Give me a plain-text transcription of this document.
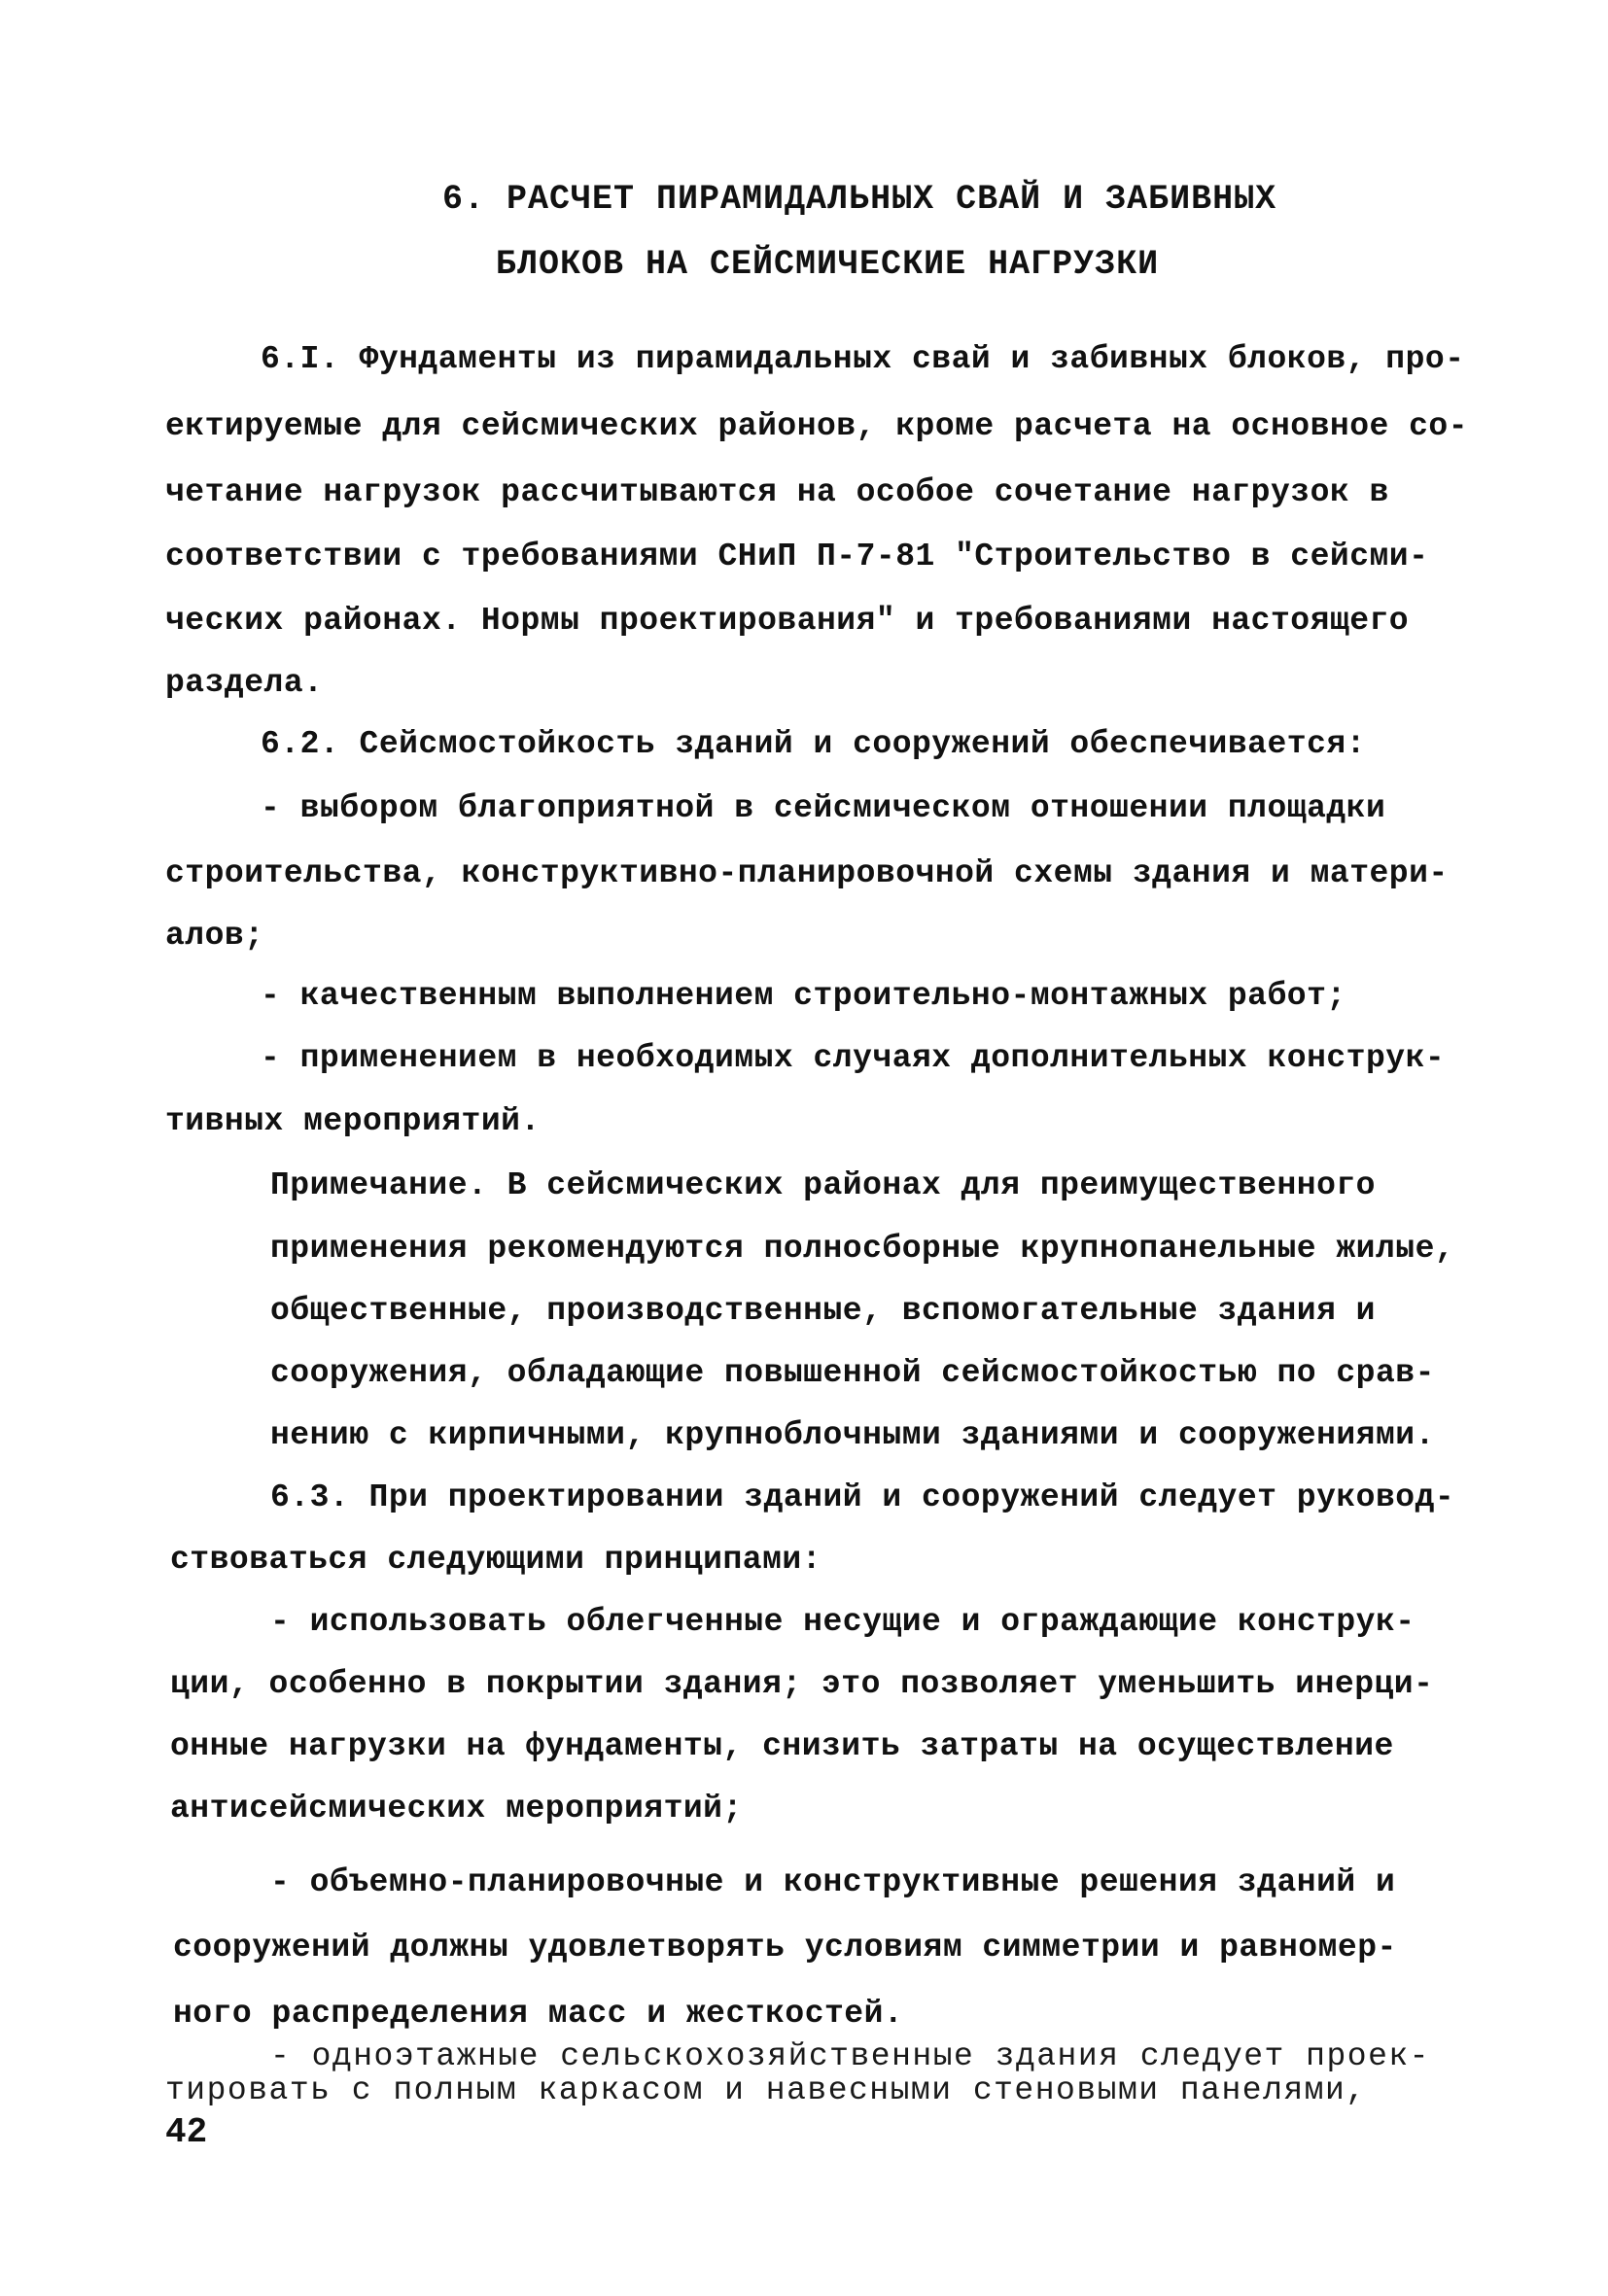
6. РАСЧЕТ ПИРАМИДАЛЬНЫХ СВАЙ И ЗАБИВНЫХ
БЛОКОВ НА СЕЙСМИЧЕСКИЕ НАГРУЗКИ
6.I. Фундаменты из пирамидальных свай и забивных блоков, про-
ектируемые для сейсмических районов, кроме расчета на основное со-
четание нагрузок рассчитываются на особое сочетание нагрузок в
соответствии с требованиями СНиП П-7-81 "Строительство в сейсми-
ческих районах. Нормы проектирования" и требованиями настоящего
раздела.
6.2. Сейсмостойкость зданий и сооружений обеспечивается:
- выбором благоприятной в сейсмическом отношении площадки
строительства, конструктивно-планировочной схемы здания и матери-
алов;
- качественным выполнением строительно-монтажных работ;
- применением в необходимых случаях дополнительных конструк-
тивных мероприятий.
Примечание. В сейсмических районах для преимущественного
применения рекомендуются полносборные крупнопанельные жилые,
общественные, производственные, вспомогательные здания и
сооружения, обладающие повышенной сейсмостойкостью по срав-
нению с кирпичными, крупноблочными зданиями и сооружениями.
6.3. При проектировании зданий и сооружений следует руковод-
ствоваться следующими принципами:
- использовать облегченные несущие и ограждающие конструк-
ции, особенно в покрытии здания; это позволяет уменьшить инерци-
онные нагрузки на фундаменты, снизить затраты на осуществление
антисейсмических мероприятий;
- объемно-планировочные и конструктивные решения зданий и
сооружений должны удовлетворять условиям симметрии и равномер-
ного распределения масс и жесткостей.
- одноэтажные сельскохозяйственные здания следует проек-
тировать с полным каркасом и навесными стеновыми панелями,
42
